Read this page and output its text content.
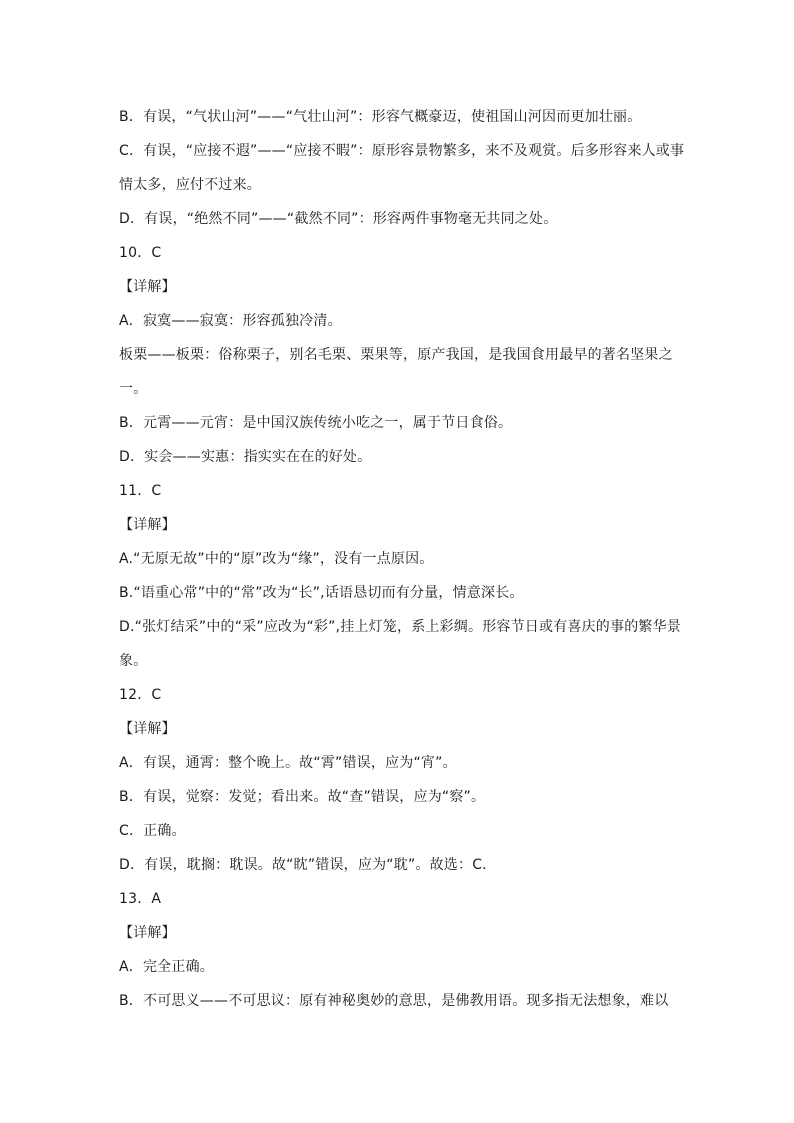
B．有误，“气状山河”——“气壮山河”：形容气概豪迈，使祖国山河因而更加壮丽。
C．有误，“应接不遐”——“应接不暇”：原形容景物繁多，来不及观赏。后多形容来人或事
情太多，应付不过来。
D．有误，“绝然不同”——“截然不同”：形容两件事物毫无共同之处。
10．C
【详解】
A．寂寞——寂寞：形容孤独冷清。
板栗——板栗：俗称栗子，别名毛栗、栗果等，原产我国，是我国食用最早的著名坚果之
一。
B．元霄——元宵：是中国汉族传统小吃之一，属于节日食俗。
D．实会——实惠：指实实在在的好处。
11．C
【详解】
A.“无原无故”中的“原”改为“缘”，没有一点原因。
B.“语重心常”中的“常”改为“长”,话语恳切而有分量，情意深长。
D.“张灯结采”中的“采”应改为“彩”,挂上灯笼，系上彩绸。形容节日或有喜庆的事的繁华景
象。
12．C
【详解】
A．有误，通霄：整个晚上。故“霄”错误，应为“宵”。
B．有误，觉察：发觉；看出来。故“查”错误，应为“察”。
C．正确。
D．有误，耽搁：耽误。故“眈”错误，应为“耽”。故选：C．
13．A
【详解】
A．完全正确。
B．不可思义——不可思议：原有神秘奥妙的意思，是佛教用语。现多指无法想象，难以
